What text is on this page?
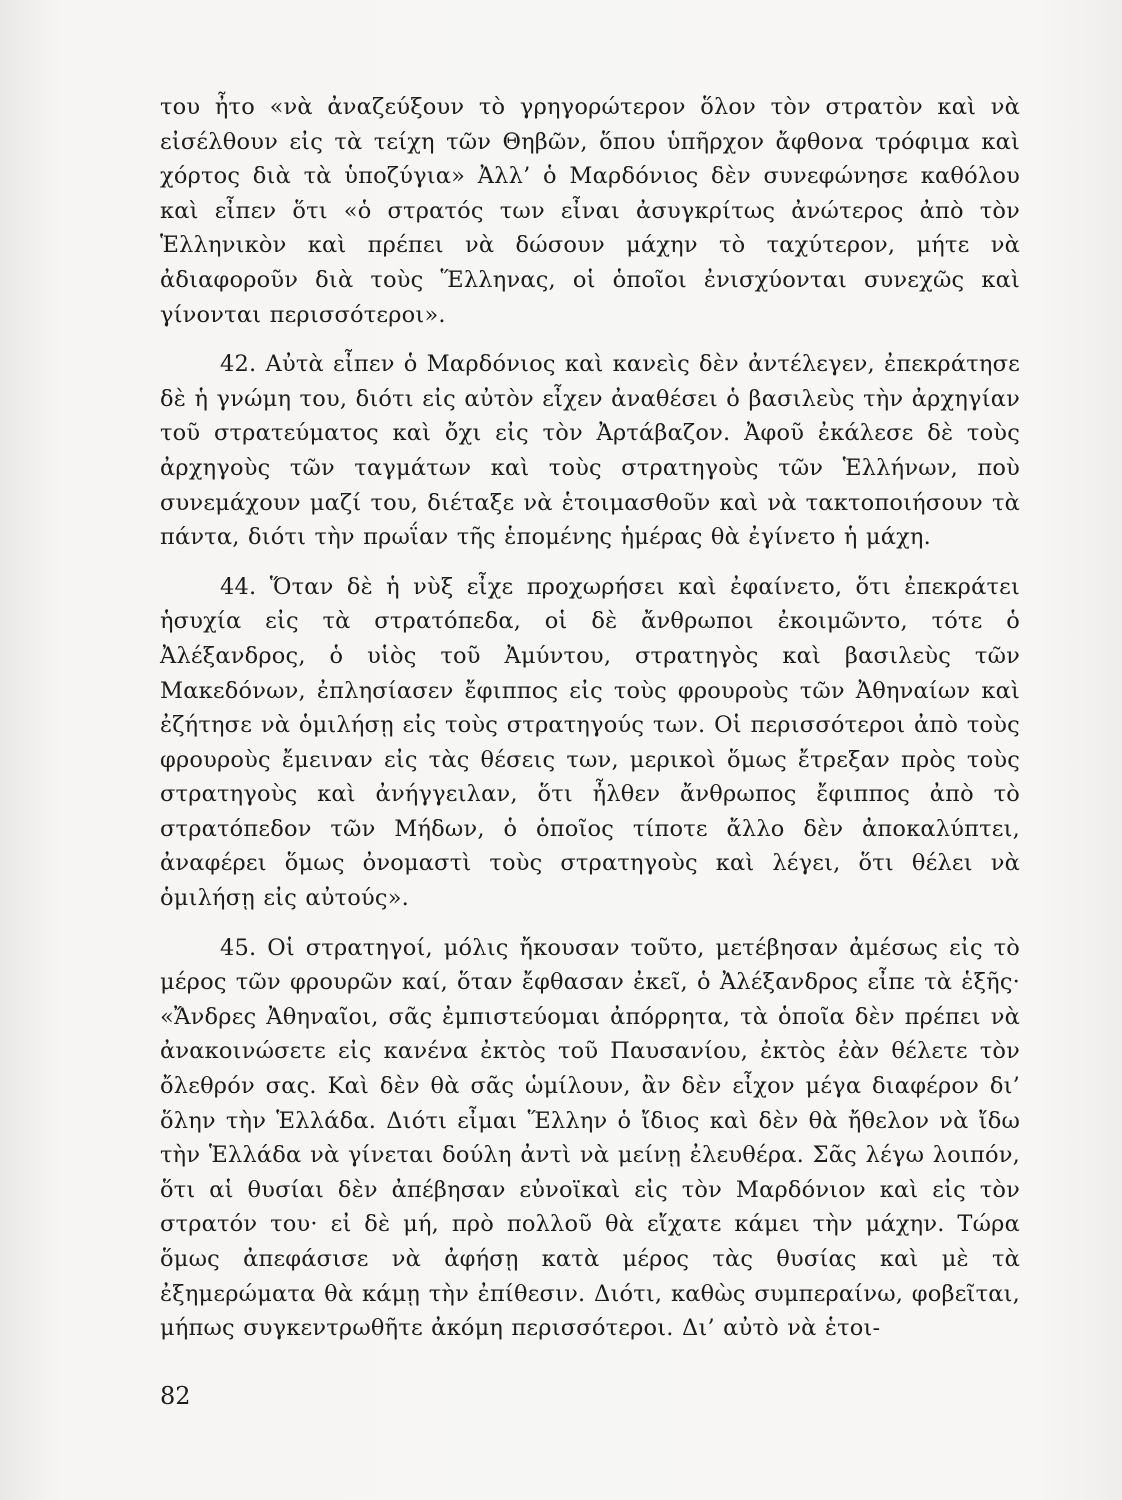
του ἦτο «νὰ ἀναζεύξουν τὸ γρηγορώτερον ὅλον τὸν στρατὸν καὶ νὰ εἰσέλθουν εἰς τὰ τείχη τῶν Θηβῶν, ὅπου ὑπῆρχον ἄφθονα τρόφιμα καὶ χόρτος διὰ τὰ ὑποζύγια» Ἀλλ’ ὁ Μαρδόνιος δὲν συνεφώνησε καθόλου καὶ εἶπεν ὅτι «ὁ στρατός των εἶναι ἀσυγκρίτως ἀνώτερος ἀπὸ τὸν Ἑλληνικὸν καὶ πρέπει νὰ δώσουν μάχην τὸ ταχύτερον, μήτε νὰ ἀδιαφοροῦν διὰ τοὺς Ἕλληνας, οἱ ὁποῖοι ἐνισχύονται συνεχῶς καὶ γίνονται περισσότεροι».

42. Αὐτὰ εἶπεν ὁ Μαρδόνιος καὶ κανεὶς δὲν ἀντέλεγεν, ἐπεκράτησε δὲ ἡ γνώμη του, διότι εἰς αὐτὸν εἶχεν ἀναθέσει ὁ βασιλεὺς τὴν ἀρχηγίαν τοῦ στρατεύματος καὶ ὄχι εἰς τὸν Ἀρτάβαζον. Ἀφοῦ ἐκάλεσε δὲ τοὺς ἀρχηγοὺς τῶν ταγμάτων καὶ τοὺς στρατηγοὺς τῶν Ἑλλήνων, ποὺ συνεμάχουν μαζί του, διέταξε νὰ ἑτοιμασθοῦν καὶ νὰ τακτοποιήσουν τὰ πάντα, διότι τὴν πρωΐαν τῆς ἑπομένης ἡμέρας θὰ ἐγίνετο ἡ μάχη.

44. Ὅταν δὲ ἡ νὺξ εἶχε προχωρήσει καὶ ἐφαίνετο, ὅτι ἐπεκράτει ἡσυχία εἰς τὰ στρατόπεδα, οἱ δὲ ἄνθρωποι ἐκοιμῶντο, τότε ὁ Ἀλέξανδρος, ὁ υἱὸς τοῦ Ἀμύντου, στρατηγὸς καὶ βασιλεὺς τῶν Μακεδόνων, ἐπλησίασεν ἔφιππος εἰς τοὺς φρουροὺς τῶν Ἀθηναίων καὶ ἐζήτησε νὰ ὁμιλήσῃ εἰς τοὺς στρατηγούς των. Οἱ περισσότεροι ἀπὸ τοὺς φρουροὺς ἔμειναν εἰς τὰς θέσεις των, μερικοὶ ὅμως ἔτρεξαν πρὸς τοὺς στρατηγοὺς καὶ ἀνήγγειλαν, ὅτι ἦλθεν ἄνθρωπος ἔφιππος ἀπὸ τὸ στρατόπεδον τῶν Μήδων, ὁ ὁποῖος τίποτε ἄλλο δὲν ἀποκαλύπτει, ἀναφέρει ὅμως ὀνομαστὶ τοὺς στρατηγοὺς καὶ λέγει, ὅτι θέλει νὰ ὁμιλήσῃ εἰς αὐτούς».

45. Οἱ στρατηγοί, μόλις ἤκουσαν τοῦτο, μετέβησαν ἀμέσως εἰς τὸ μέρος τῶν φρουρῶν καί, ὅταν ἔφθασαν ἐκεῖ, ὁ Ἀλέξανδρος εἶπε τὰ ἑξῆς· «Ἄνδρες Ἀθηναῖοι, σᾶς ἐμπιστεύομαι ἀπόρρητα, τὰ ὁποῖα δὲν πρέπει νὰ ἀνακοινώσετε εἰς κανένα ἐκτὸς τοῦ Παυσανίου, ἐκτὸς ἐὰν θέλετε τὸν ὄλεθρόν σας. Καὶ δὲν θὰ σᾶς ὡμίλουν, ἂν δὲν εἶχον μέγα διαφέρον δι’ ὅλην τὴν Ἑλλάδα. Διότι εἶμαι Ἕλλην ὁ ἴδιος καὶ δὲν θὰ ἤθελον νὰ ἴδω τὴν Ἑλλάδα νὰ γίνεται δούλη ἀντὶ νὰ μείνῃ ἐλευθέρα. Σᾶς λέγω λοιπόν, ὅτι αἱ θυσίαι δὲν ἀπέβησαν εὐνοϊκαὶ εἰς τὸν Μαρδόνιον καὶ εἰς τὸν στρατόν του· εἰ δὲ μή, πρὸ πολλοῦ θὰ εἴχατε κάμει τὴν μάχην. Τώρα ὅμως ἀπεφάσισε νὰ ἀφήσῃ κατὰ μέρος τὰς θυσίας καὶ μὲ τὰ ἐξημερώματα θὰ κάμῃ τὴν ἐπίθεσιν. Διότι, καθὼς συμπεραίνω, φοβεῖται, μήπως συγκεντρωθῆτε ἀκόμη περισσότεροι. Δι’ αὐτὸ νὰ ἑτοι-

82
